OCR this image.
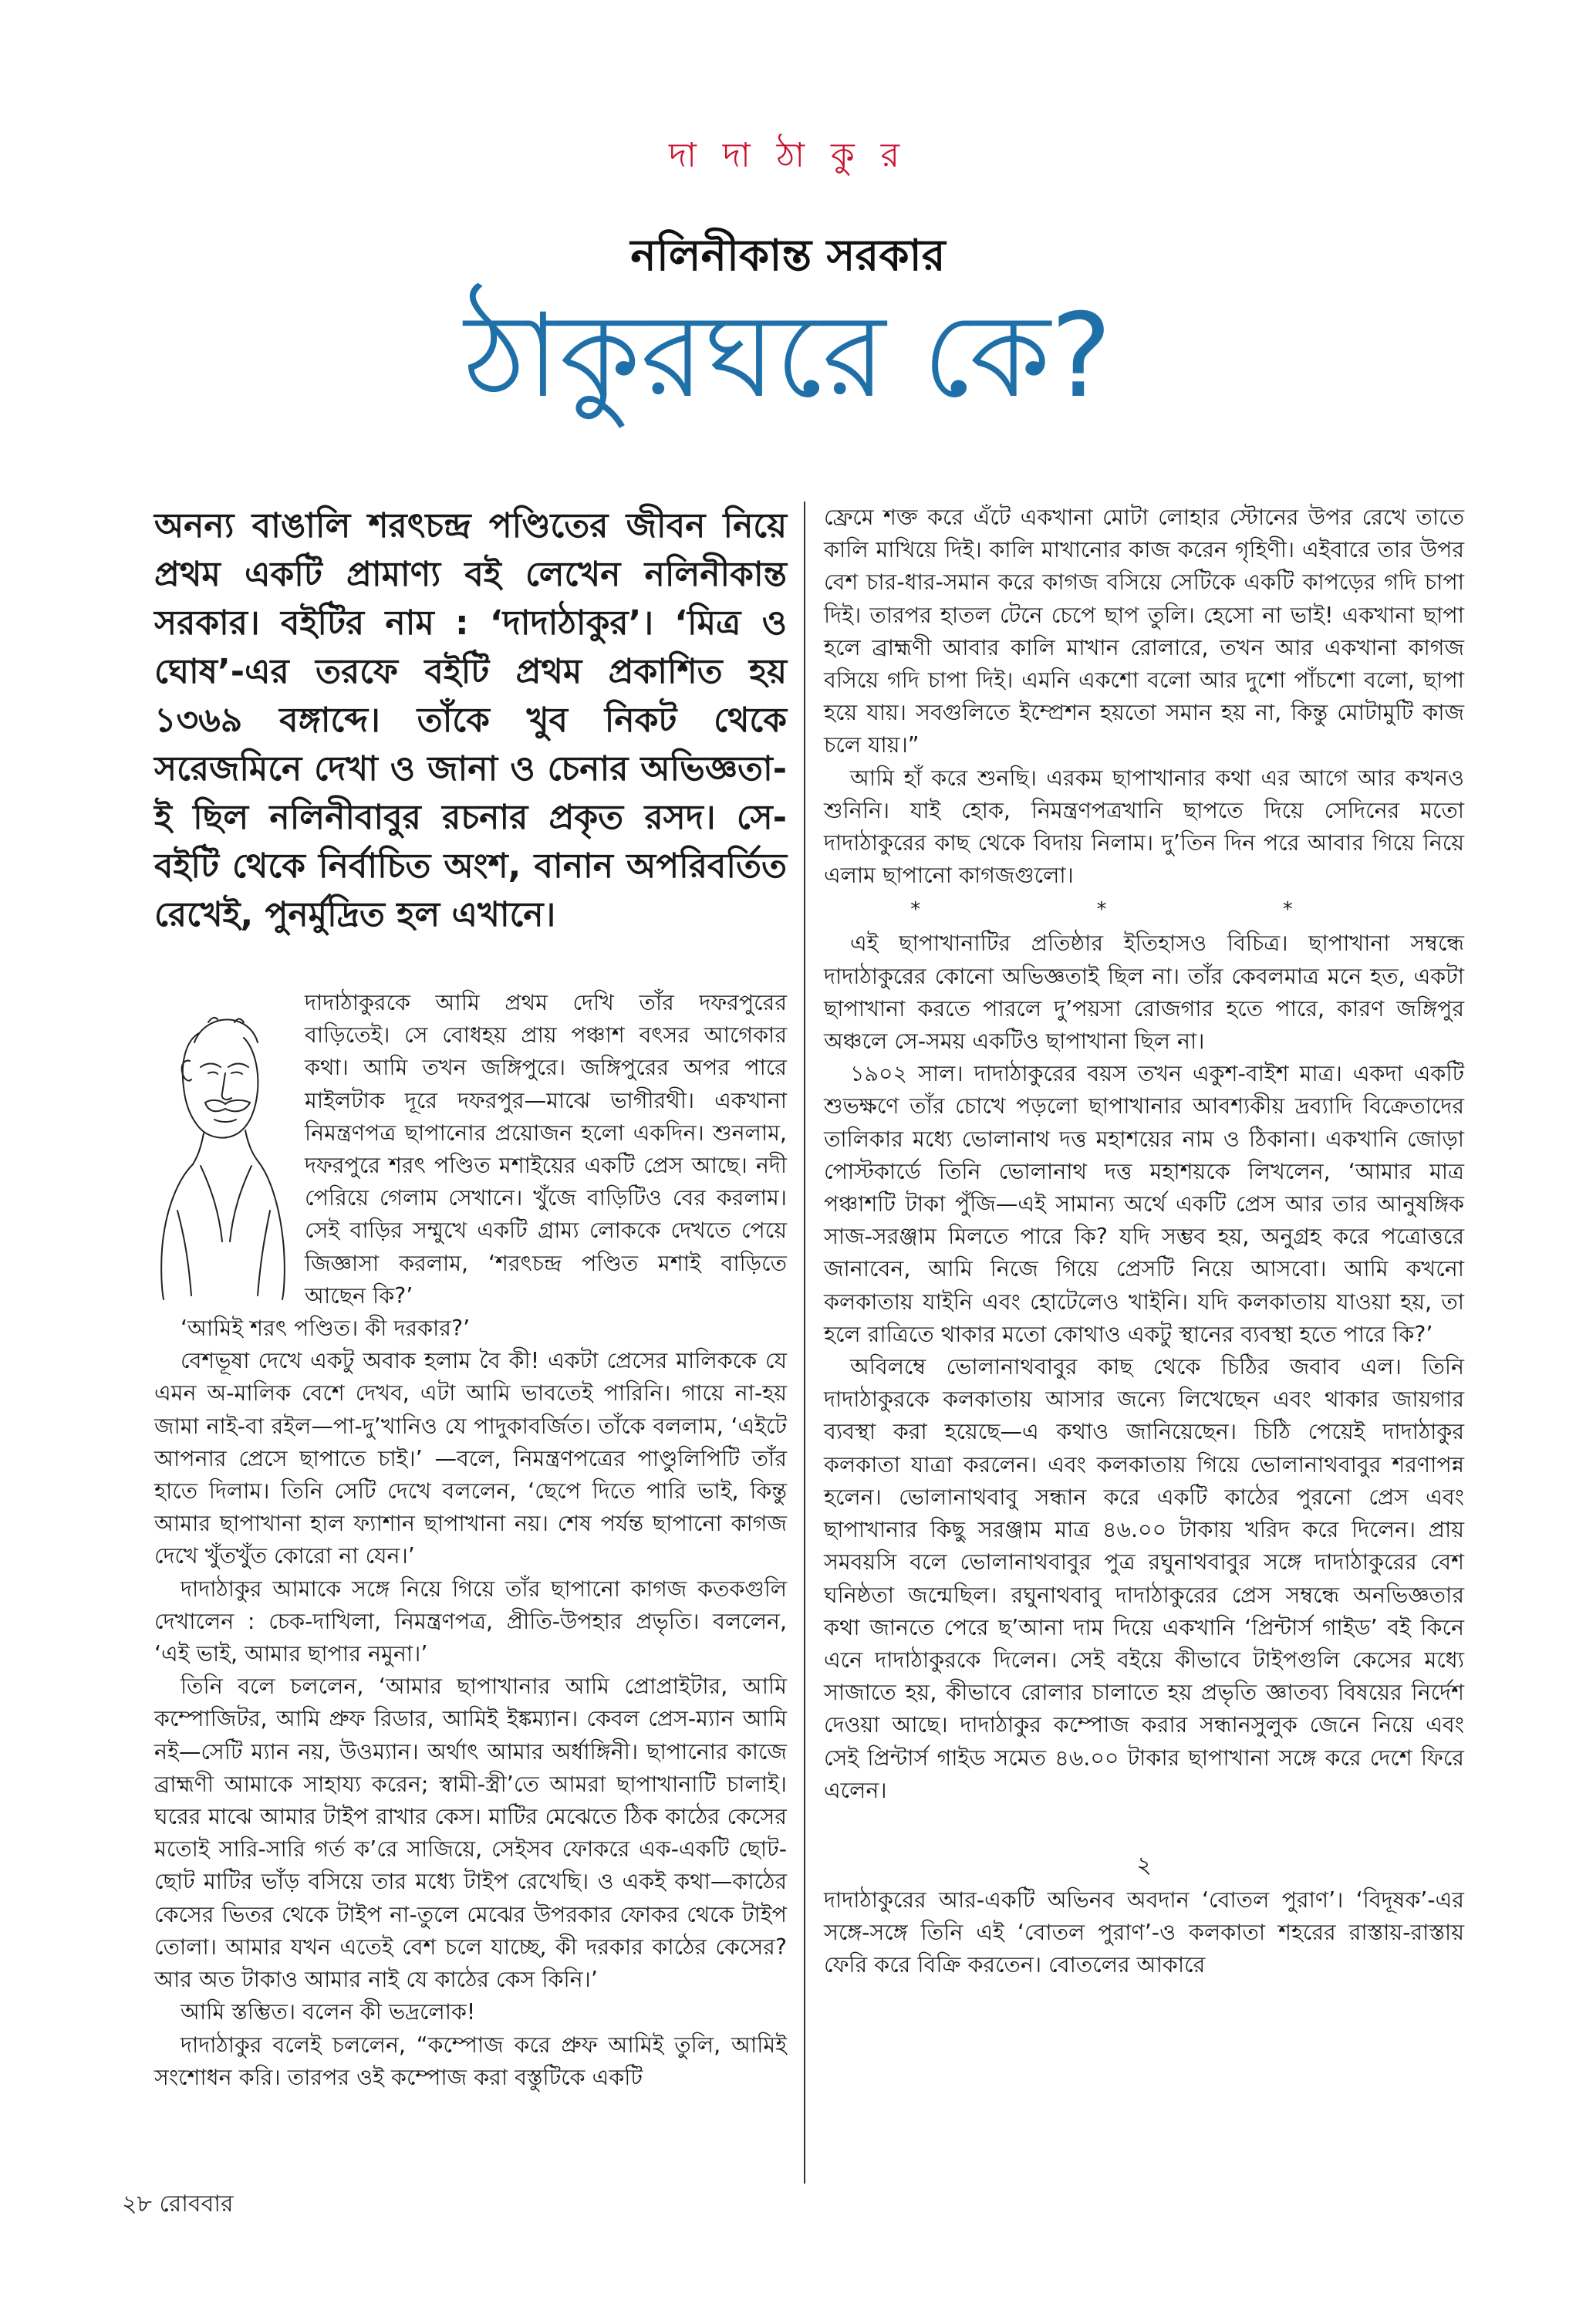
দা দা ঠা কু র
নলিনীকান্ত সরকার
ঠাকুরঘরে কে?

অনন্য বাঙালি শরৎচন্দ্র পণ্ডিতের জীবন নিয়ে প্রথম একটি প্রামাণ্য বই লেখেন নলিনীকান্ত সরকার। বইটির নাম : ‘দাদাঠাকুর’। ‘মিত্র ও ঘোষ’-এর তরফে বইটি প্রথম প্রকাশিত হয় ১৩৬৯ বঙ্গাব্দে। তাঁকে খুব নিকট থেকে সরেজমিনে দেখা ও জানা ও চেনার অভিজ্ঞতা-ই ছিল নলিনীবাবুর রচনার প্রকৃত রসদ। সে-বইটি থেকে নির্বাচিত অংশ, বানান অপরিবর্তিত রেখেই, পুনর্মুদ্রিত হল এখানে।

দাদাঠাকুরকে আমি প্রথম দেখি তাঁর দফরপুরের বাড়িতেই। সে বোধহয় প্রায় পঞ্চাশ বৎসর আগেকার কথা। আমি তখন জঙ্গিপুরে। জঙ্গিপুরের অপর পারে মাইলটাক দূরে দফরপুর—মাঝে ভাগীরথী। একখানা নিমন্ত্রণপত্র ছাপানোর প্রয়োজন হলো একদিন। শুনলাম, দফরপুরে শরৎ পণ্ডিত মশাইয়ের একটি প্রেস আছে। নদী পেরিয়ে গেলাম সেখানে। খুঁজে বাড়িটিও বের করলাম। সেই বাড়ির সম্মুখে একটি গ্রাম্য লোককে দেখতে পেয়ে জিজ্ঞাসা করলাম, ‘শরৎচন্দ্র পণ্ডিত মশাই বাড়িতে আছেন কি?’

‘আমিই শরৎ পণ্ডিত। কী দরকার?’

বেশভূষা দেখে একটু অবাক হলাম বৈ কী! একটা প্রেসের মালিককে যে এমন অ-মালিক বেশে দেখব, এটা আমি ভাবতেই পারিনি। গায়ে না-হয় জামা নাই-বা রইল—পা-দু’খানিও যে পাদুকাবর্জিত। তাঁকে বললাম, ‘এইটে আপনার প্রেসে ছাপাতে চাই।’ —বলে, নিমন্ত্রণপত্রের পাণ্ডুলিপিটি তাঁর হাতে দিলাম। তিনি সেটি দেখে বললেন, ‘ছেপে দিতে পারি ভাই, কিন্তু আমার ছাপাখানা হাল ফ্যাশান ছাপাখানা নয়। শেষ পর্যন্ত ছাপানো কাগজ দেখে খুঁতখুঁত কোরো না যেন।’

দাদাঠাকুর আমাকে সঙ্গে নিয়ে গিয়ে তাঁর ছাপানো কাগজ কতকগুলি দেখালেন : চেক-দাখিলা, নিমন্ত্রণপত্র, প্রীতি-উপহার প্রভৃতি। বললেন, ‘এই ভাই, আমার ছাপার নমুনা।’

তিনি বলে চললেন, ‘আমার ছাপাখানার আমি প্রোপ্রাইটার, আমি কম্পোজিটর, আমি প্রুফ রিডার, আমিই ইঙ্কম্যান। কেবল প্রেস-ম্যান আমি নই—সেটি ম্যান নয়, উওম্যান। অর্থাৎ আমার অর্ধাঙ্গিনী। ছাপানোর কাজে ব্রাহ্মণী আমাকে সাহায্য করেন; স্বামী-স্ত্রী’তে আমরা ছাপাখানাটি চালাই। ঘরের মাঝে আমার টাইপ রাখার কেস। মাটির মেঝেতে ঠিক কাঠের কেসের মতোই সারি-সারি গর্ত ক’রে সাজিয়ে, সেইসব ফোকরে এক-একটি ছোট-ছোট মাটির ভাঁড় বসিয়ে তার মধ্যে টাইপ রেখেছি। ও একই কথা—কাঠের কেসের ভিতর থেকে টাইপ না-তুলে মেঝের উপরকার ফোকর থেকে টাইপ তোলা। আমার যখন এতেই বেশ চলে যাচ্ছে, কী দরকার কাঠের কেসের? আর অত টাকাও আমার নাই যে কাঠের কেস কিনি।’

আমি স্তম্ভিত। বলেন কী ভদ্রলোক!

দাদাঠাকুর বলেই চললেন, “কম্পোজ করে প্রুফ আমিই তুলি, আমিই সংশোধন করি। তারপর ওই কম্পোজ করা বস্তুটিকে একটি

ফ্রেমে শক্ত করে এঁটে একখানা মোটা লোহার স্টোনের উপর রেখে তাতে কালি মাখিয়ে দিই। কালি মাখানোর কাজ করেন গৃহিণী। এইবারে তার উপর বেশ চার-ধার-সমান করে কাগজ বসিয়ে সেটিকে একটি কাপড়ের গদি চাপা দিই। তারপর হাতল টেনে চেপে ছাপ তুলি। হেসো না ভাই! একখানা ছাপা হলে ব্রাহ্মণী আবার কালি মাখান রোলারে, তখন আর একখানা কাগজ বসিয়ে গদি চাপা দিই। এমনি একশো বলো আর দুশো পাঁচশো বলো, ছাপা হয়ে যায়। সবগুলিতে ইম্প্রেশন হয়তো সমান হয় না, কিন্তু মোটামুটি কাজ চলে যায়।”

আমি হাঁ করে শুনছি। এরকম ছাপাখানার কথা এর আগে আর কখনও শুনিনি। যাই হোক, নিমন্ত্রণপত্রখানি ছাপতে দিয়ে সেদিনের মতো দাদাঠাকুরের কাছ থেকে বিদায় নিলাম। দু’তিন দিন পরে আবার গিয়ে নিয়ে এলাম ছাপানো কাগজগুলো।

* * *

এই ছাপাখানাটির প্রতিষ্ঠার ইতিহাসও বিচিত্র। ছাপাখানা সম্বন্ধে দাদাঠাকুরের কোনো অভিজ্ঞতাই ছিল না। তাঁর কেবলমাত্র মনে হত, একটা ছাপাখানা করতে পারলে দু’পয়সা রোজগার হতে পারে, কারণ জঙ্গিপুর অঞ্চলে সে-সময় একটিও ছাপাখানা ছিল না।

১৯০২ সাল। দাদাঠাকুরের বয়স তখন একুশ-বাইশ মাত্র। একদা একটি শুভক্ষণে তাঁর চোখে পড়লো ছাপাখানার আবশ্যকীয় দ্রব্যাদি বিক্রেতাদের তালিকার মধ্যে ভোলানাথ দত্ত মহাশয়ের নাম ও ঠিকানা। একখানি জোড়া পোস্টকার্ডে তিনি ভোলানাথ দত্ত মহাশয়কে লিখলেন, ‘আমার মাত্র পঞ্চাশটি টাকা পুঁজি—এই সামান্য অর্থে একটি প্রেস আর তার আনুষঙ্গিক সাজ-সরঞ্জাম মিলতে পারে কি? যদি সম্ভব হয়, অনুগ্রহ করে পত্রোত্তরে জানাবেন, আমি নিজে গিয়ে প্রেসটি নিয়ে আসবো। আমি কখনো কলকাতায় যাইনি এবং হোটেলেও খাইনি। যদি কলকাতায় যাওয়া হয়, তা হলে রাত্রিতে থাকার মতো কোথাও একটু স্থানের ব্যবস্থা হতে পারে কি?’

অবিলম্বে ভোলানাথবাবুর কাছ থেকে চিঠির জবাব এল। তিনি দাদাঠাকুরকে কলকাতায় আসার জন্যে লিখেছেন এবং থাকার জায়গার ব্যবস্থা করা হয়েছে—এ কথাও জানিয়েছেন। চিঠি পেয়েই দাদাঠাকুর কলকাতা যাত্রা করলেন। এবং কলকাতায় গিয়ে ভোলানাথবাবুর শরণাপন্ন হলেন। ভোলানাথবাবু সন্ধান করে একটি কাঠের পুরনো প্রেস এবং ছাপাখানার কিছু সরঞ্জাম মাত্র ৪৬.০০ টাকায় খরিদ করে দিলেন। প্রায় সমবয়সি বলে ভোলানাথবাবুর পুত্র রঘুনাথবাবুর সঙ্গে দাদাঠাকুরের বেশ ঘনিষ্ঠতা জন্মেছিল। রঘুনাথবাবু দাদাঠাকুরের প্রেস সম্বন্ধে অনভিজ্ঞতার কথা জানতে পেরে ছ’আনা দাম দিয়ে একখানি ‘প্রিন্টার্স গাইড’ বই কিনে এনে দাদাঠাকুরকে দিলেন। সেই বইয়ে কীভাবে টাইপগুলি কেসের মধ্যে সাজাতে হয়, কীভাবে রোলার চালাতে হয় প্রভৃতি জ্ঞাতব্য বিষয়ের নির্দেশ দেওয়া আছে। দাদাঠাকুর কম্পোজ করার সন্ধানসুলুক জেনে নিয়ে এবং সেই প্রিন্টার্স গাইড সমেত ৪৬.০০ টাকার ছাপাখানা সঙ্গে করে দেশে ফিরে এলেন।

২

দাদাঠাকুরের আর-একটি অভিনব অবদান ‘বোতল পুরাণ’। ‘বিদূষক’-এর সঙ্গে-সঙ্গে তিনি এই ‘বোতল পুরাণ’-ও কলকাতা শহরের রাস্তায়-রাস্তায় ফেরি করে বিক্রি করতেন। বোতলের আকারে

২৮ রোববার
